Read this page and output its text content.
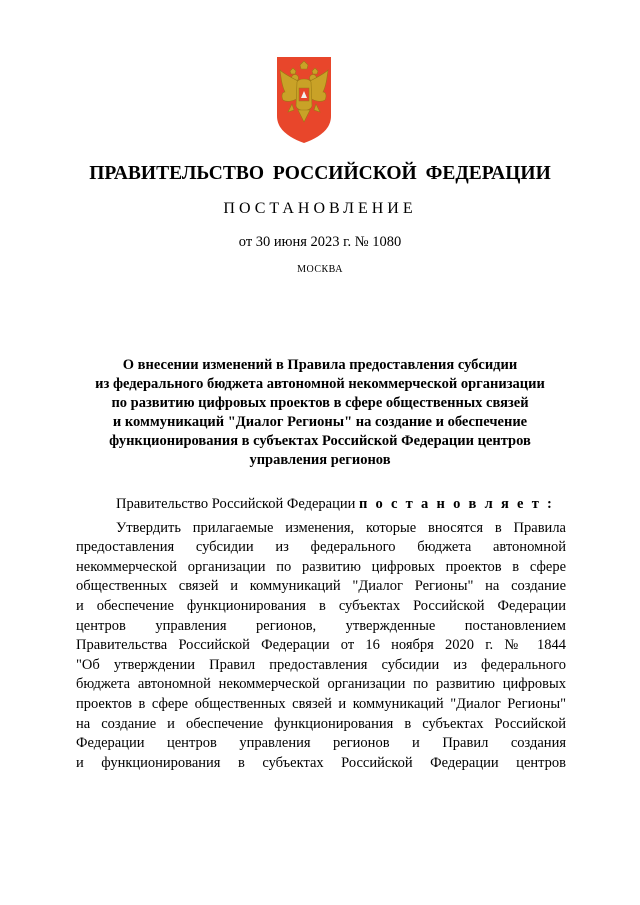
ПРАВИТЕЛЬСТВО РОССИЙСКОЙ ФЕДЕРАЦИИ
ПОСТАНОВЛЕНИЕ
от 30 июня 2023 г. № 1080
МОСКВА
О внесении изменений в Правила предоставления субсидии
из федерального бюджета автономной некоммерческой организации
по развитию цифровых проектов в сфере общественных связей
и коммуникаций "Диалог Регионы" на создание и обеспечение
функционирования в субъектах Российской Федерации центров
управления регионов
Правительство Российской Федерации п о с т а н о в л я е т :
Утвердить прилагаемые изменения, которые вносятся в Правила
предоставления субсидии из федерального бюджета автономной
некоммерческой организации по развитию цифровых проектов в сфере
общественных связей и коммуникаций "Диалог Регионы" на создание
и обеспечение функционирования в субъектах Российской Федерации
центров управления регионов, утвержденные постановлением
Правительства Российской Федерации от 16 ноября 2020 г. № 1844
"Об утверждении Правил предоставления субсидии из федерального
бюджета автономной некоммерческой организации по развитию цифровых
проектов в сфере общественных связей и коммуникаций "Диалог Регионы"
на создание и обеспечение функционирования в субъектах Российской
Федерации центров управления регионов и Правил создания
и функционирования в субъектах Российской Федерации центров
